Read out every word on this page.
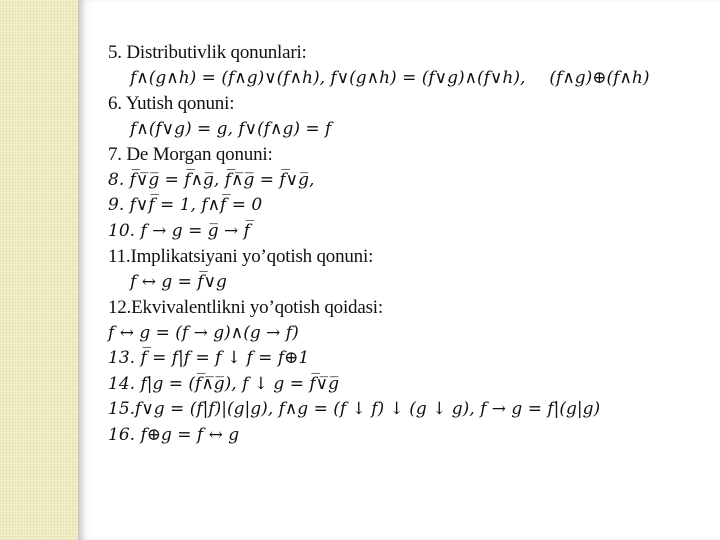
5. Distributivlik qonunlari:
f∧(g∧h) = (f∧g)∨(f∧h), f∨(g∧h) = (f∨g)∧(f∨h), (f∧g)⊕(f∧h)
6. Yutish qonuni:
f∧(f∨g) = g, f∨(f∧g) = f
7. De Morgan qonuni:
8. f̅∨̅g̅ = f̅∧g̅, f̅∧̅g̅ = f̅∨g̅,
9. f∨f̅ = 1, f∧f̅ = 0
10. f → g = g̅ → f̅
11.Implikatsiyani yo’qotish qonuni:
f ↔ g = f̅∨g
12.Ekvivalentlikni yo’qotish qoidasi:
f ↔ g = (f → g)∧(g → f)
13. f̅ = f|f = f ↓ f = f⊕1
14. f|g = (f̅∧̅g̅), f ↓ g = f̅∨̅g̅
15.f∨g = (f|f)|(g|g), f∧g = (f ↓ f) ↓ (g ↓ g), f → g = f|(g|g)
16. f⊕g = f ↔ g
